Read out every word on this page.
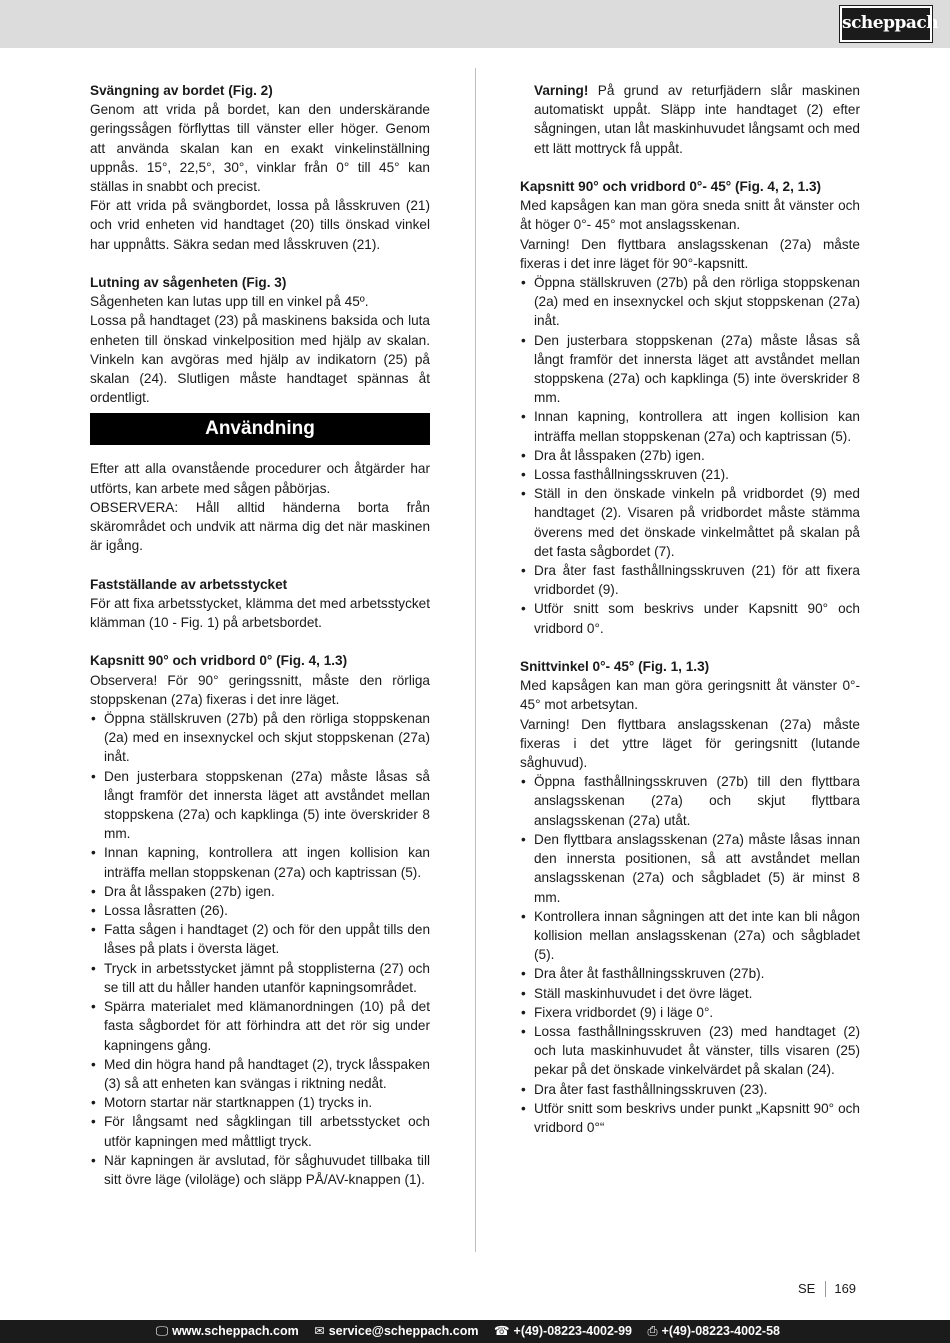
scheppach

Svängning av bordet (Fig. 2)

Genom att vrida på bordet, kan den underskärande geringssågen förflyttas till vänster eller höger. Genom att använda skalan kan en exakt vinkelinställning uppnås. 15°, 22,5°, 30°, vinklar från 0° till 45° kan ställas in snabbt och precist.

För att vrida på svängbordet, lossa på låsskruven (21) och vrid enheten vid handtaget (20) tills önskad vinkel har uppnåtts. Säkra sedan med låsskruven (21).

Lutning av sågenheten (Fig. 3)

Sågenheten kan lutas upp till en vinkel på 45º.

Lossa på handtaget (23) på maskinens baksida och luta enheten till önskad vinkelposition med hjälp av skalan. Vinkeln kan avgöras med hjälp av indikatorn (25) på skalan (24). Slutligen måste handtaget spännas åt ordentligt.

Användning

Efter att alla ovanstående procedurer och åtgärder har utförts, kan arbete med sågen påbörjas.

OBSERVERA: Håll alltid händerna borta från skärområdet och undvik att närma dig det när maskinen är igång.

Fastställande av arbetsstycket

För att fixa arbetsstycket, klämma det med arbetsstycket klämman (10 - Fig. 1) på arbetsbordet.

Kapsnitt 90° och vridbord 0° (Fig. 4, 1.3)

Observera! För 90° geringssnitt, måste den rörliga stoppskenan (27a) fixeras i det inre läget.

• Öppna ställskruven (27b) på den rörliga stoppskenan (2a) med en insexnyckel och skjut stoppskenan (27a) inåt.
• Den justerbara stoppskenan (27a) måste låsas så långt framför det innersta läget att avståndet mellan stoppskena (27a) och kapklinga (5) inte överskrider 8 mm.
• Innan kapning, kontrollera att ingen kollision kan inträffa mellan stoppskenan (27a) och kaptrissan (5).
• Dra åt låsspaken (27b) igen.
• Lossa låsratten (26).
• Fatta sågen i handtaget (2) och för den uppåt tills den låses på plats i översta läget.
• Tryck in arbetsstycket jämnt på stopplisterna (27) och se till att du håller handen utanför kapningsområdet.
• Spärra materialet med klämanordningen (10) på det fasta sågbordet för att förhindra att det rör sig under kapningens gång.
• Med din högra hand på handtaget (2), tryck låsspaken (3) så att enheten kan svängas i riktning nedåt.
• Motorn startar när startknappen (1) trycks in.
• För långsamt ned sågklingan till arbetsstycket och utför kapningen med måttligt tryck.
• När kapningen är avslutad, för såghuvudet tillbaka till sitt övre läge (viloläge) och släpp PÅ/AV-knappen (1).

Varning! På grund av returfjädern slår maskinen automatiskt uppåt. Släpp inte handtaget (2) efter sågningen, utan låt maskinhuvudet långsamt och med ett lätt mottryck få uppåt.

Kapsnitt 90° och vridbord 0°- 45° (Fig. 4, 2, 1.3)

Med kapsågen kan man göra sneda snitt åt vänster och åt höger 0°- 45° mot anslagsskenan.

Varning! Den flyttbara anslagsskenan (27a) måste fixeras i det inre läget för 90°-kapsnitt.

• Öppna ställskruven (27b) på den rörliga stoppskenan (2a) med en insexnyckel och skjut stoppskenan (27a) inåt.
• Den justerbara stoppskenan (27a) måste låsas så långt framför det innersta läget att avståndet mellan stoppskena (27a) och kapklinga (5) inte överskrider 8 mm.
• Innan kapning, kontrollera att ingen kollision kan inträffa mellan stoppskenan (27a) och kaptrissan (5).
• Dra åt låsspaken (27b) igen.
• Lossa fasthållningsskruven (21).
• Ställ in den önskade vinkeln på vridbordet (9) med handtaget (2). Visaren på vridbordet måste stämma överens med det önskade vinkelmåttet på skalan på det fasta sågbordet (7).
• Dra åter fast fasthållningsskruven (21) för att fixera vridbordet (9).
• Utför snitt som beskrivs under Kapsnitt 90° och vridbord 0°.

Snittvinkel 0°- 45° (Fig. 1, 1.3)

Med kapsågen kan man göra geringsnitt åt vänster 0°- 45° mot arbetsytan.

Varning! Den flyttbara anslagsskenan (27a) måste fixeras i det yttre läget för geringsnitt (lutande såghuvud).

• Öppna fasthållningsskruven (27b) till den flyttbara anslagsskenan (27a) och skjut flyttbara anslagsskenan (27a) utåt.
• Den flyttbara anslagsskenan (27a) måste låsas innan den innersta positionen, så att avståndet mellan anslagsskenan (27a) och sågbladet (5) är minst 8 mm.
• Kontrollera innan sågningen att det inte kan bli någon kollision mellan anslagsskenan (27a) och sågbladet (5).
• Dra åter åt fasthållningsskruven (27b).
• Ställ maskinhuvudet i det övre läget.
• Fixera vridbordet (9) i läge 0°.
• Lossa fasthållningsskruven (23) med handtaget (2) och luta maskinhuvudet åt vänster, tills visaren (25) pekar på det önskade vinkelvärdet på skalan (24).
• Dra åter fast fasthållningsskruven (23).
• Utför snitt som beskrivs under punkt „Kapsnitt 90° och vridbord 0°“
SE 169
🖵 www.scheppach.com ✉ service@scheppach.com ☎ +(49)-08223-4002-99 ⎙ +(49)-08223-4002-58
